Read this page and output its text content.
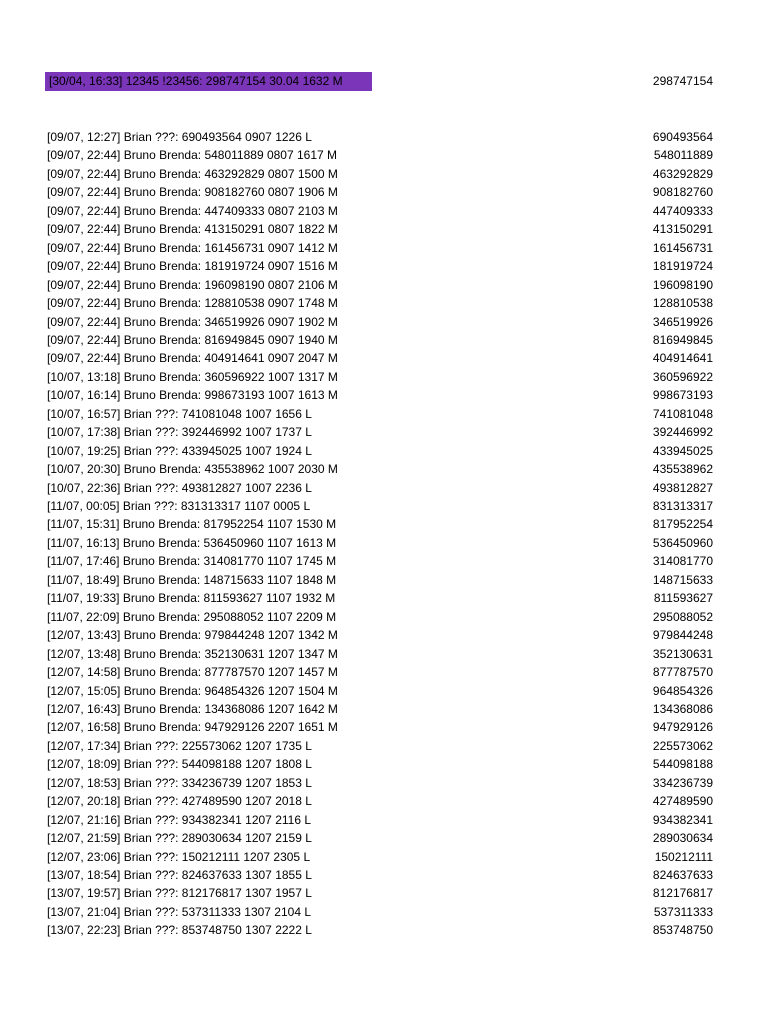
[30/04, 16:33] 12345 !23456: 298747154 30.04 1632 M	298747154
[09/07, 12:27] Brian ???: 690493564 0907 1226 L	690493564
[09/07, 22:44] Bruno Brenda: 548011889 0807 1617 M	548011889
[09/07, 22:44] Bruno Brenda: 463292829 0807 1500 M	463292829
[09/07, 22:44] Bruno Brenda: 908182760 0807 1906 M	908182760
[09/07, 22:44] Bruno Brenda: 447409333 0807 2103 M	447409333
[09/07, 22:44] Bruno Brenda: 413150291 0807 1822 M	413150291
[09/07, 22:44] Bruno Brenda: 161456731 0907 1412 M	161456731
[09/07, 22:44] Bruno Brenda: 181919724 0907 1516 M	181919724
[09/07, 22:44] Bruno Brenda: 196098190 0807 2106 M	196098190
[09/07, 22:44] Bruno Brenda: 128810538 0907 1748 M	128810538
[09/07, 22:44] Bruno Brenda: 346519926 0907 1902 M	346519926
[09/07, 22:44] Bruno Brenda: 816949845 0907 1940 M	816949845
[09/07, 22:44] Bruno Brenda: 404914641 0907 2047 M	404914641
[10/07, 13:18] Bruno Brenda: 360596922 1007 1317 M	360596922
[10/07, 16:14] Bruno Brenda: 998673193 1007 1613 M	998673193
[10/07, 16:57] Brian ???: 741081048 1007 1656 L	741081048
[10/07, 17:38] Brian ???: 392446992 1007 1737 L	392446992
[10/07, 19:25] Brian ???: 433945025 1007 1924 L	433945025
[10/07, 20:30] Bruno Brenda: 435538962 1007 2030 M	435538962
[10/07, 22:36] Brian ???: 493812827 1007 2236 L	493812827
[11/07, 00:05] Brian ???: 831313317 1107 0005 L	831313317
[11/07, 15:31] Bruno Brenda: 817952254 1107 1530 M	817952254
[11/07, 16:13] Bruno Brenda: 536450960 1107 1613 M	536450960
[11/07, 17:46] Bruno Brenda: 314081770 1107 1745 M	314081770
[11/07, 18:49] Bruno Brenda: 148715633 1107 1848 M	148715633
[11/07, 19:33] Bruno Brenda: 811593627 1107 1932 M	811593627
[11/07, 22:09] Bruno Brenda: 295088052 1107 2209 M	295088052
[12/07, 13:43] Bruno Brenda: 979844248 1207 1342 M	979844248
[12/07, 13:48] Bruno Brenda: 352130631 1207 1347 M	352130631
[12/07, 14:58] Bruno Brenda: 877787570 1207 1457 M	877787570
[12/07, 15:05] Bruno Brenda: 964854326 1207 1504 M	964854326
[12/07, 16:43] Bruno Brenda: 134368086 1207 1642 M	134368086
[12/07, 16:58] Bruno Brenda: 947929126 2207 1651 M	947929126
[12/07, 17:34] Brian ???: 225573062 1207 1735 L	225573062
[12/07, 18:09] Brian ???: 544098188 1207 1808 L	544098188
[12/07, 18:53] Brian ???: 334236739 1207 1853 L	334236739
[12/07, 20:18] Brian ???: 427489590 1207 2018 L	427489590
[12/07, 21:16] Brian ???: 934382341 1207 2116 L	934382341
[12/07, 21:59] Brian ???: 289030634 1207 2159 L	289030634
[12/07, 23:06] Brian ???: 150212111 1207 2305 L	150212111
[13/07, 18:54] Brian ???: 824637633 1307 1855 L	824637633
[13/07, 19:57] Brian ???: 812176817 1307 1957 L	812176817
[13/07, 21:04] Brian ???: 537311333 1307 2104 L	537311333
[13/07, 22:23] Brian ???: 853748750 1307 2222 L	853748750
